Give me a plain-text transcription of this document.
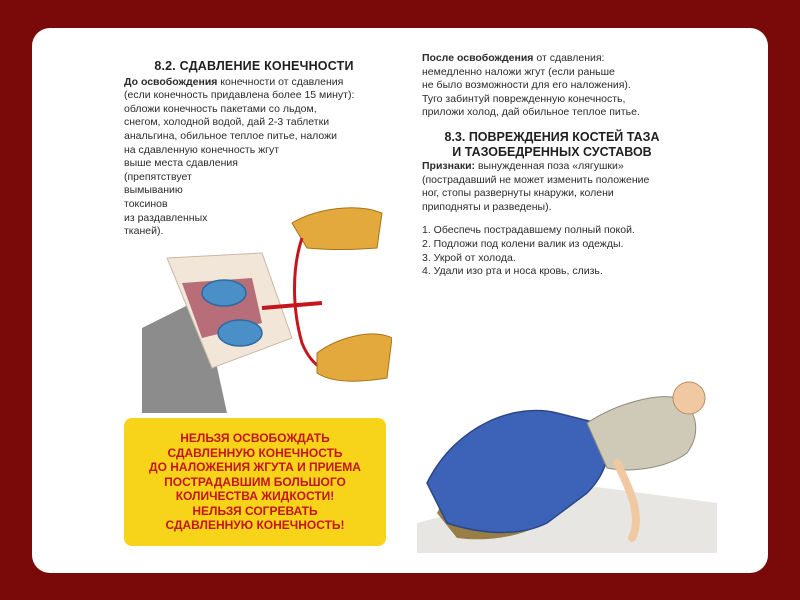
8.2. СДАВЛЕНИЕ КОНЕЧНОСТИ

До освобождения конечности от сдавления

(если конечность придавлена более 15 минут):

обложи конечность пакетами со льдом,

снегом, холодной водой, дай 2-3 таблетки

анальгина, обильное теплое питье, наложи

на сдавленную конечность жгут

выше места сдавления

(препятствует

вымыванию

токсинов

из раздавленных

тканей).

НЕЛЬЗЯ ОСВОБОЖДАТЬ
СДАВЛЕННУЮ КОНЕЧНОСТЬ
ДО НАЛОЖЕНИЯ ЖГУТА И ПРИЕМА
ПОСТРАДАВШИМ БОЛЬШОГО
КОЛИЧЕСТВА ЖИДКОСТИ!
НЕЛЬЗЯ СОГРЕВАТЬ
СДАВЛЕННУЮ КОНЕЧНОСТЬ!

После освобождения от сдавления:

немедленно наложи жгут (если раньше

не было возможности для его наложения).

Туго забинтуй поврежденную конечность,

приложи холод, дай обильное теплое питье.

8.3. ПОВРЕЖДЕНИЯ КОСТЕЙ ТАЗА
И ТАЗОБЕДРЕННЫХ СУСТАВОВ

Признаки: вынужденная поза «лягушки»

(пострадавший не может изменить положение

ног, стопы развернуты кнаружи, колени

приподняты и разведены).

1. Обеспечь пострадавшему полный покой.

2. Подложи под колени валик из одежды.

3. Укрой от холода.

4. Удали изо рта и носа кровь, слизь.
